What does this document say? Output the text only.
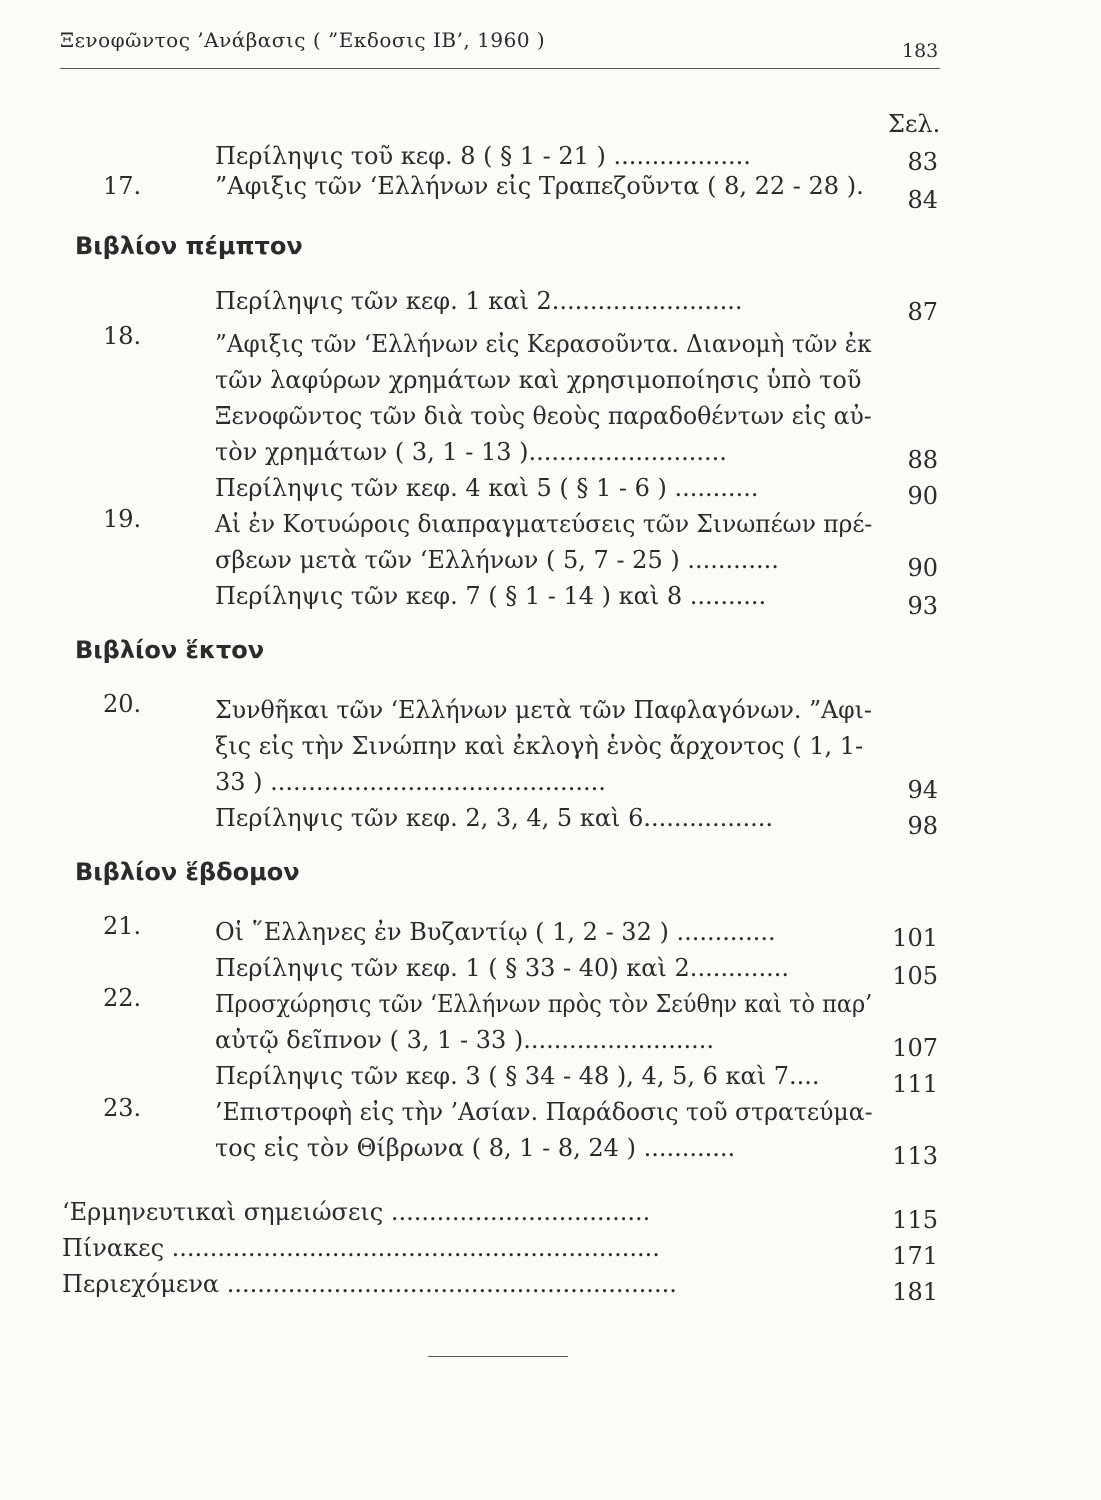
Ξενοφῶντος ’Ανάβασις ( ”Εκδοσις ΙΒ’, 1960 )	183
Σελ.
Περίληψις τοῦ κεφ. 8 ( § 1 - 21 ) ..................	83
17.	”Αφιξις τῶν ‘Ελλήνων εἰς Τραπεζοῦντα ( 8, 22 - 28 ).	84
Βιβλίον πέμπτον
Περίληψις τῶν κεφ. 1 καὶ 2.........................	87
18.	”Αφιξις τῶν ‘Ελλήνων εἰς Κερασοῦντα. Διανομὴ τῶν ἐκ
τῶν λαφύρων χρημάτων καὶ χρησιμοποίησις ὑπὸ τοῦ
Ξενοφῶντος τῶν διὰ τοὺς θεοὺς παραδοθέντων εἰς αὐ-
τὸν χρημάτων ( 3, 1 - 13 )..........................	88
Περίληψις τῶν κεφ. 4 καὶ 5 ( § 1 - 6 ) ...........	90
19.	Αἱ ἐν Κοτυώροις διαπραγματεύσεις τῶν Σινωπέων πρέ-
σβεων μετὰ τῶν ‘Ελλήνων ( 5, 7 - 25 ) ............	90
Περίληψις τῶν κεφ. 7 ( § 1 - 14 ) καὶ 8 ..........	93
Βιβλίον ἕκτον
20.	Συνθῆκαι τῶν ‘Ελλήνων μετὰ τῶν Παφλαγόνων. ”Αφι-
ξις εἰς τὴν Σινώπην καὶ ἐκλογὴ ἑνὸς ἄρχοντος ( 1, 1-
33 ) ............................................	94
Περίληψις τῶν κεφ. 2, 3, 4, 5 καὶ 6.................	98
Βιβλίον ἕβδομον
21.	Οἱ ῞Ελληνες ἐν Βυζαντίῳ ( 1, 2 - 32 ) .............	101
Περίληψις τῶν κεφ. 1 ( § 33 - 40) καὶ 2.............	105
22.	Προσχώρησις τῶν ‘Ελλήνων πρὸς τὸν Σεύθην καὶ τὸ παρ’
αὐτῷ δεῖπνον ( 3, 1 - 33 ).........................	107
Περίληψις τῶν κεφ. 3 ( § 34 - 48 ), 4, 5, 6 καὶ 7....	111
23.	’Επιστροφὴ εἰς τὴν ’Ασίαν. Παράδοσις τοῦ στρατεύμα-
τος εἰς τὸν Θίβρωνα ( 8, 1 - 8, 24 ) ............	113
‘Ερμηνευτικαὶ σημειώσεις ..................................	115
Πίνακες ................................................................	171
Περιεχόμενα ...........................................................	181
